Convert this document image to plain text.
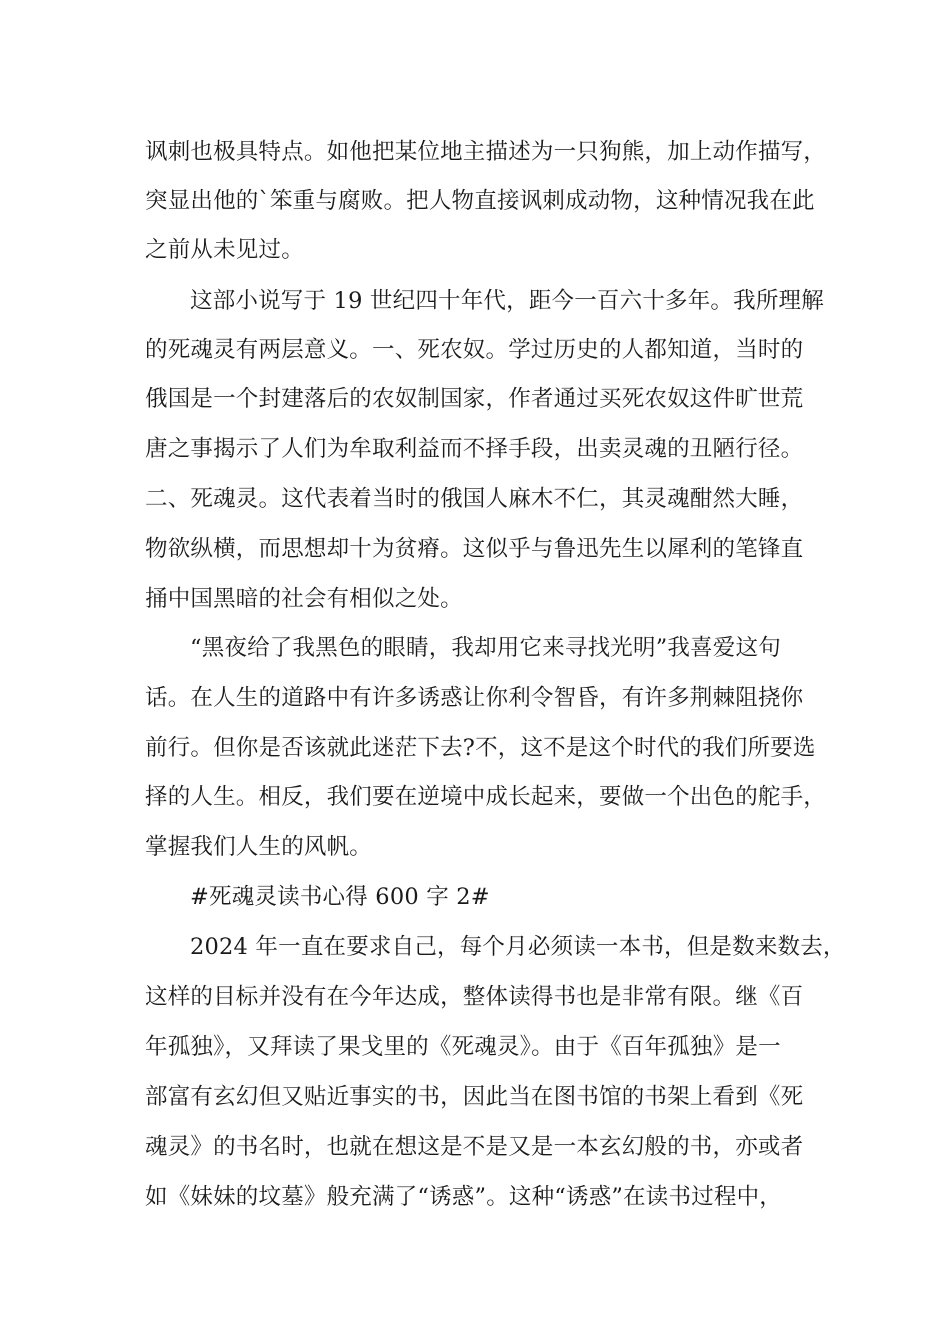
讽刺也极具特点。如他把某位地主描述为一只狗熊，加上动作描写，
突显出他的`笨重与腐败。把人物直接讽刺成动物，这种情况我在此
之前从未见过。
这部小说写于 19 世纪四十年代，距今一百六十多年。我所理解
的死魂灵有两层意义。一、死农奴。学过历史的人都知道，当时的
俄国是一个封建落后的农奴制国家，作者通过买死农奴这件旷世荒
唐之事揭示了人们为牟取利益而不择手段，出卖灵魂的丑陋行径。
二、死魂灵。这代表着当时的俄国人麻木不仁，其灵魂酣然大睡，
物欲纵横，而思想却十为贫瘠。这似乎与鲁迅先生以犀利的笔锋直
捅中国黑暗的社会有相似之处。
“黑夜给了我黑色的眼睛，我却用它来寻找光明”我喜爱这句
话。在人生的道路中有许多诱惑让你利令智昏，有许多荆棘阻挠你
前行。但你是否该就此迷茫下去?不，这不是这个时代的我们所要选
择的人生。相反，我们要在逆境中成长起来，要做一个出色的舵手，
掌握我们人生的风帆。
#死魂灵读书心得 600 字 2#
2024 年一直在要求自己，每个月必须读一本书，但是数来数去，
这样的目标并没有在今年达成，整体读得书也是非常有限。继《百
年孤独》，又拜读了果戈里的《死魂灵》。由于《百年孤独》是一
部富有玄幻但又贴近事实的书，因此当在图书馆的书架上看到《死
魂灵》的书名时，也就在想这是不是又是一本玄幻般的书，亦或者
如《妹妹的坟墓》般充满了“诱惑”。这种“诱惑”在读书过程中，
